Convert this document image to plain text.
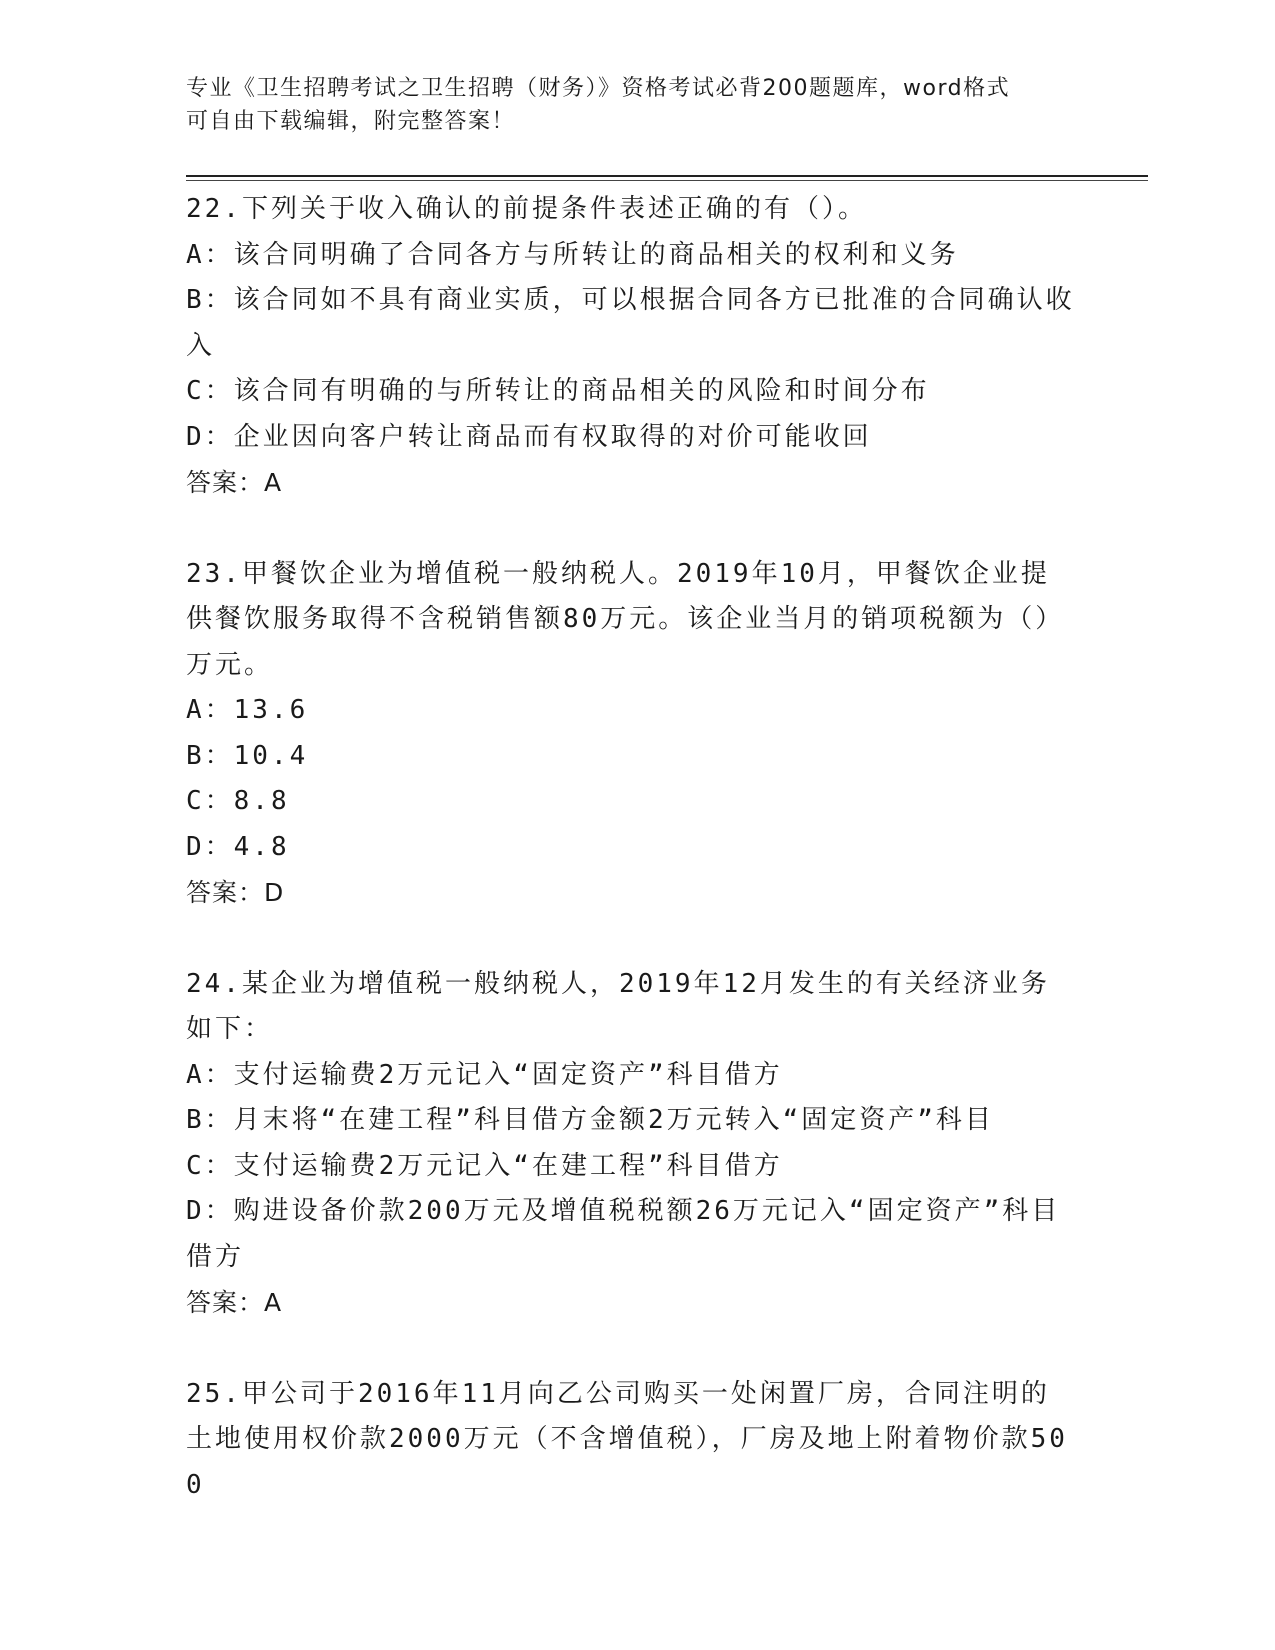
专业《卫生招聘考试之卫生招聘（财务）》资格考试必背200题题库，word格式
可自由下载编辑，附完整答案！
22.下列关于收入确认的前提条件表述正确的有（）。
A：该合同明确了合同各方与所转让的商品相关的权利和义务
B：该合同如不具有商业实质，可以根据合同各方已批准的合同确认收入
C：该合同有明确的与所转让的商品相关的风险和时间分布
D：企业因向客户转让商品而有权取得的对价可能收回
答案：A
23.甲餐饮企业为增值税一般纳税人。2019年10月，甲餐饮企业提供餐饮服务取得不含税销售额80万元。该企业当月的销项税额为（）万元。
A：13.6
B：10.4
C：8.8
D：4.8
答案：D
24.某企业为增值税一般纳税人，2019年12月发生的有关经济业务如下：
A：支付运输费2万元记入“固定资产”科目借方
B：月末将“在建工程”科目借方金额2万元转入“固定资产”科目
C：支付运输费2万元记入“在建工程”科目借方
D：购进设备价款200万元及增值税税额26万元记入“固定资产”科目借方
答案：A
25.甲公司于2016年11月向乙公司购买一处闲置厂房，合同注明的土地使用权价款2000万元（不含增值税），厂房及地上附着物价款500
